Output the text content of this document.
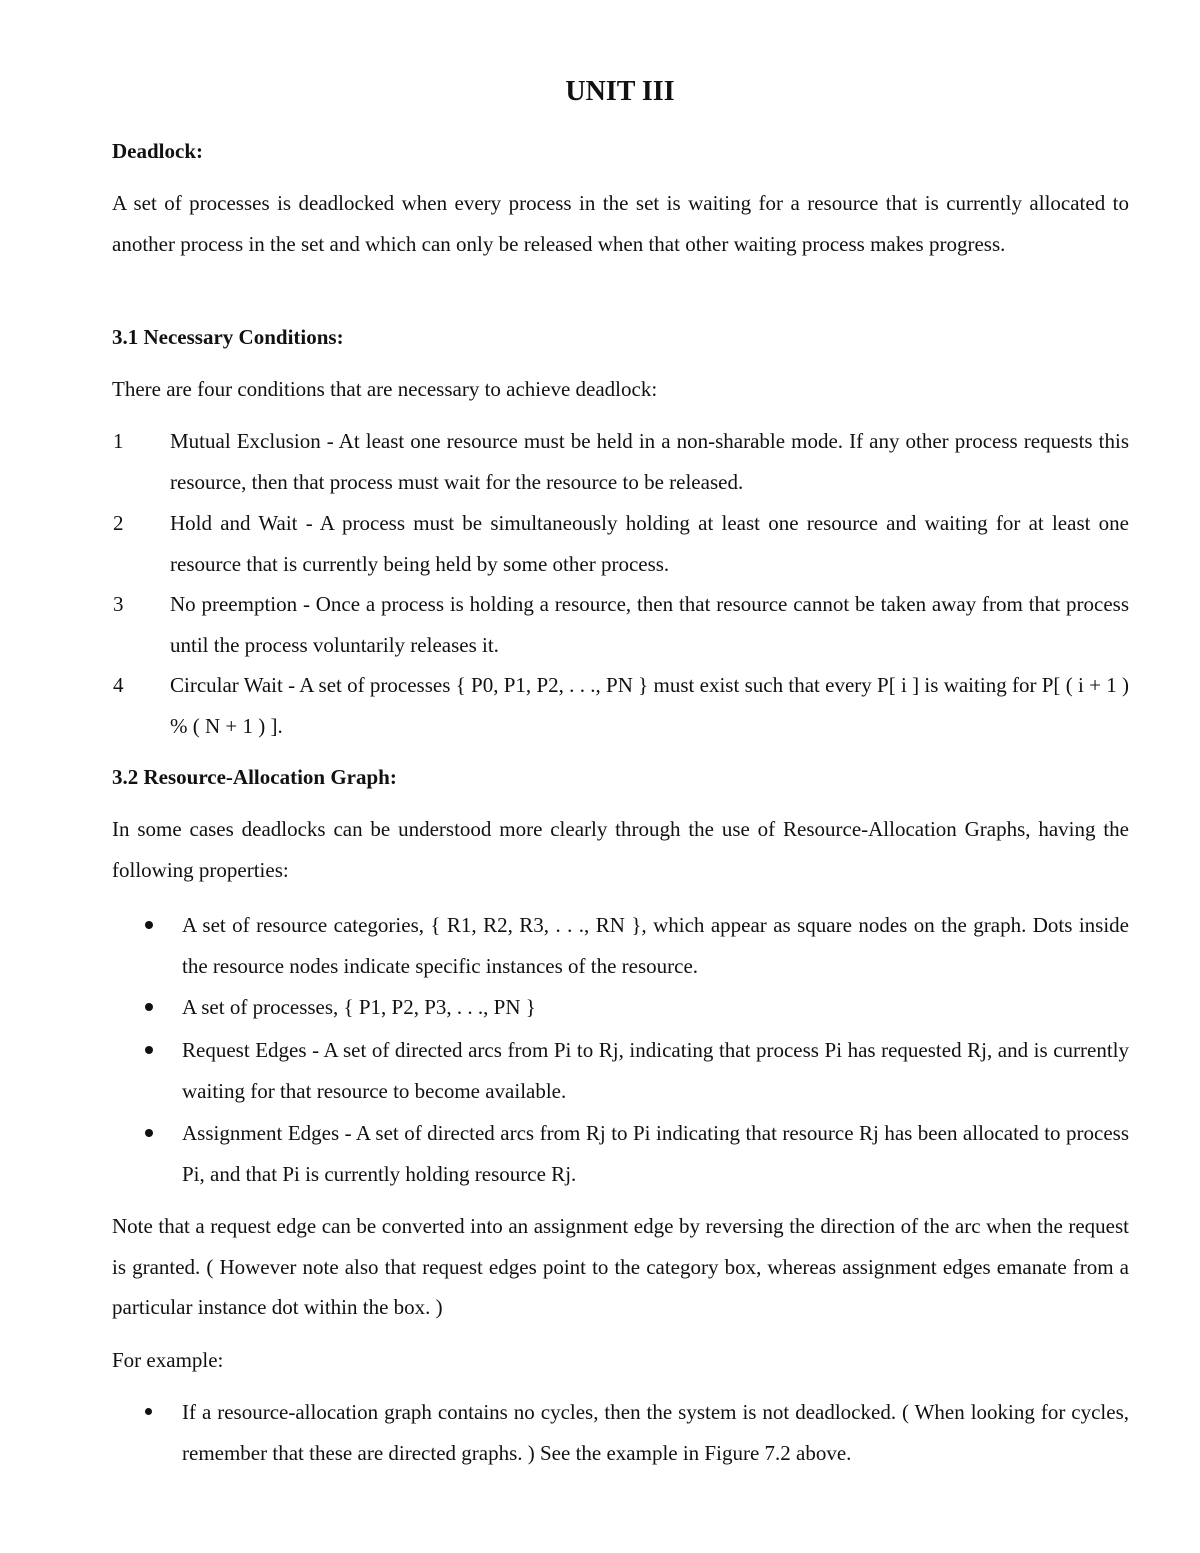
UNIT III

Deadlock:

A set of processes is deadlocked when every process in the set is waiting for a resource that is currently allocated to another process in the set and which can only be released when that other waiting process makes progress.

3.1 Necessary Conditions:

There are four conditions that are necessary to achieve deadlock:

1 Mutual Exclusion - At least one resource must be held in a non-sharable mode. If any other process requests this resource, then that process must wait for the resource to be released.

2 Hold and Wait - A process must be simultaneously holding at least one resource and waiting for at least one resource that is currently being held by some other process.

3 No preemption - Once a process is holding a resource, then that resource cannot be taken away from that process until the process voluntarily releases it.

4 Circular Wait - A set of processes { P0, P1, P2, . . ., PN } must exist such that every P[ i ] is waiting for P[ ( i + 1 ) % ( N + 1 ) ].

3.2 Resource-Allocation Graph:

In some cases deadlocks can be understood more clearly through the use of Resource-Allocation Graphs, having the following properties:

A set of resource categories, { R1, R2, R3, . . ., RN }, which appear as square nodes on the graph. Dots inside the resource nodes indicate specific instances of the resource.

A set of processes, { P1, P2, P3, . . ., PN }

Request Edges - A set of directed arcs from Pi to Rj, indicating that process Pi has requested Rj, and is currently waiting for that resource to become available.

Assignment Edges - A set of directed arcs from Rj to Pi indicating that resource Rj has been allocated to process Pi, and that Pi is currently holding resource Rj.

Note that a request edge can be converted into an assignment edge by reversing the direction of the arc when the request is granted. ( However note also that request edges point to the category box, whereas assignment edges emanate from a particular instance dot within the box. )

For example:

If a resource-allocation graph contains no cycles, then the system is not deadlocked. ( When looking for cycles, remember that these are directed graphs. ) See the example in Figure 7.2 above.
